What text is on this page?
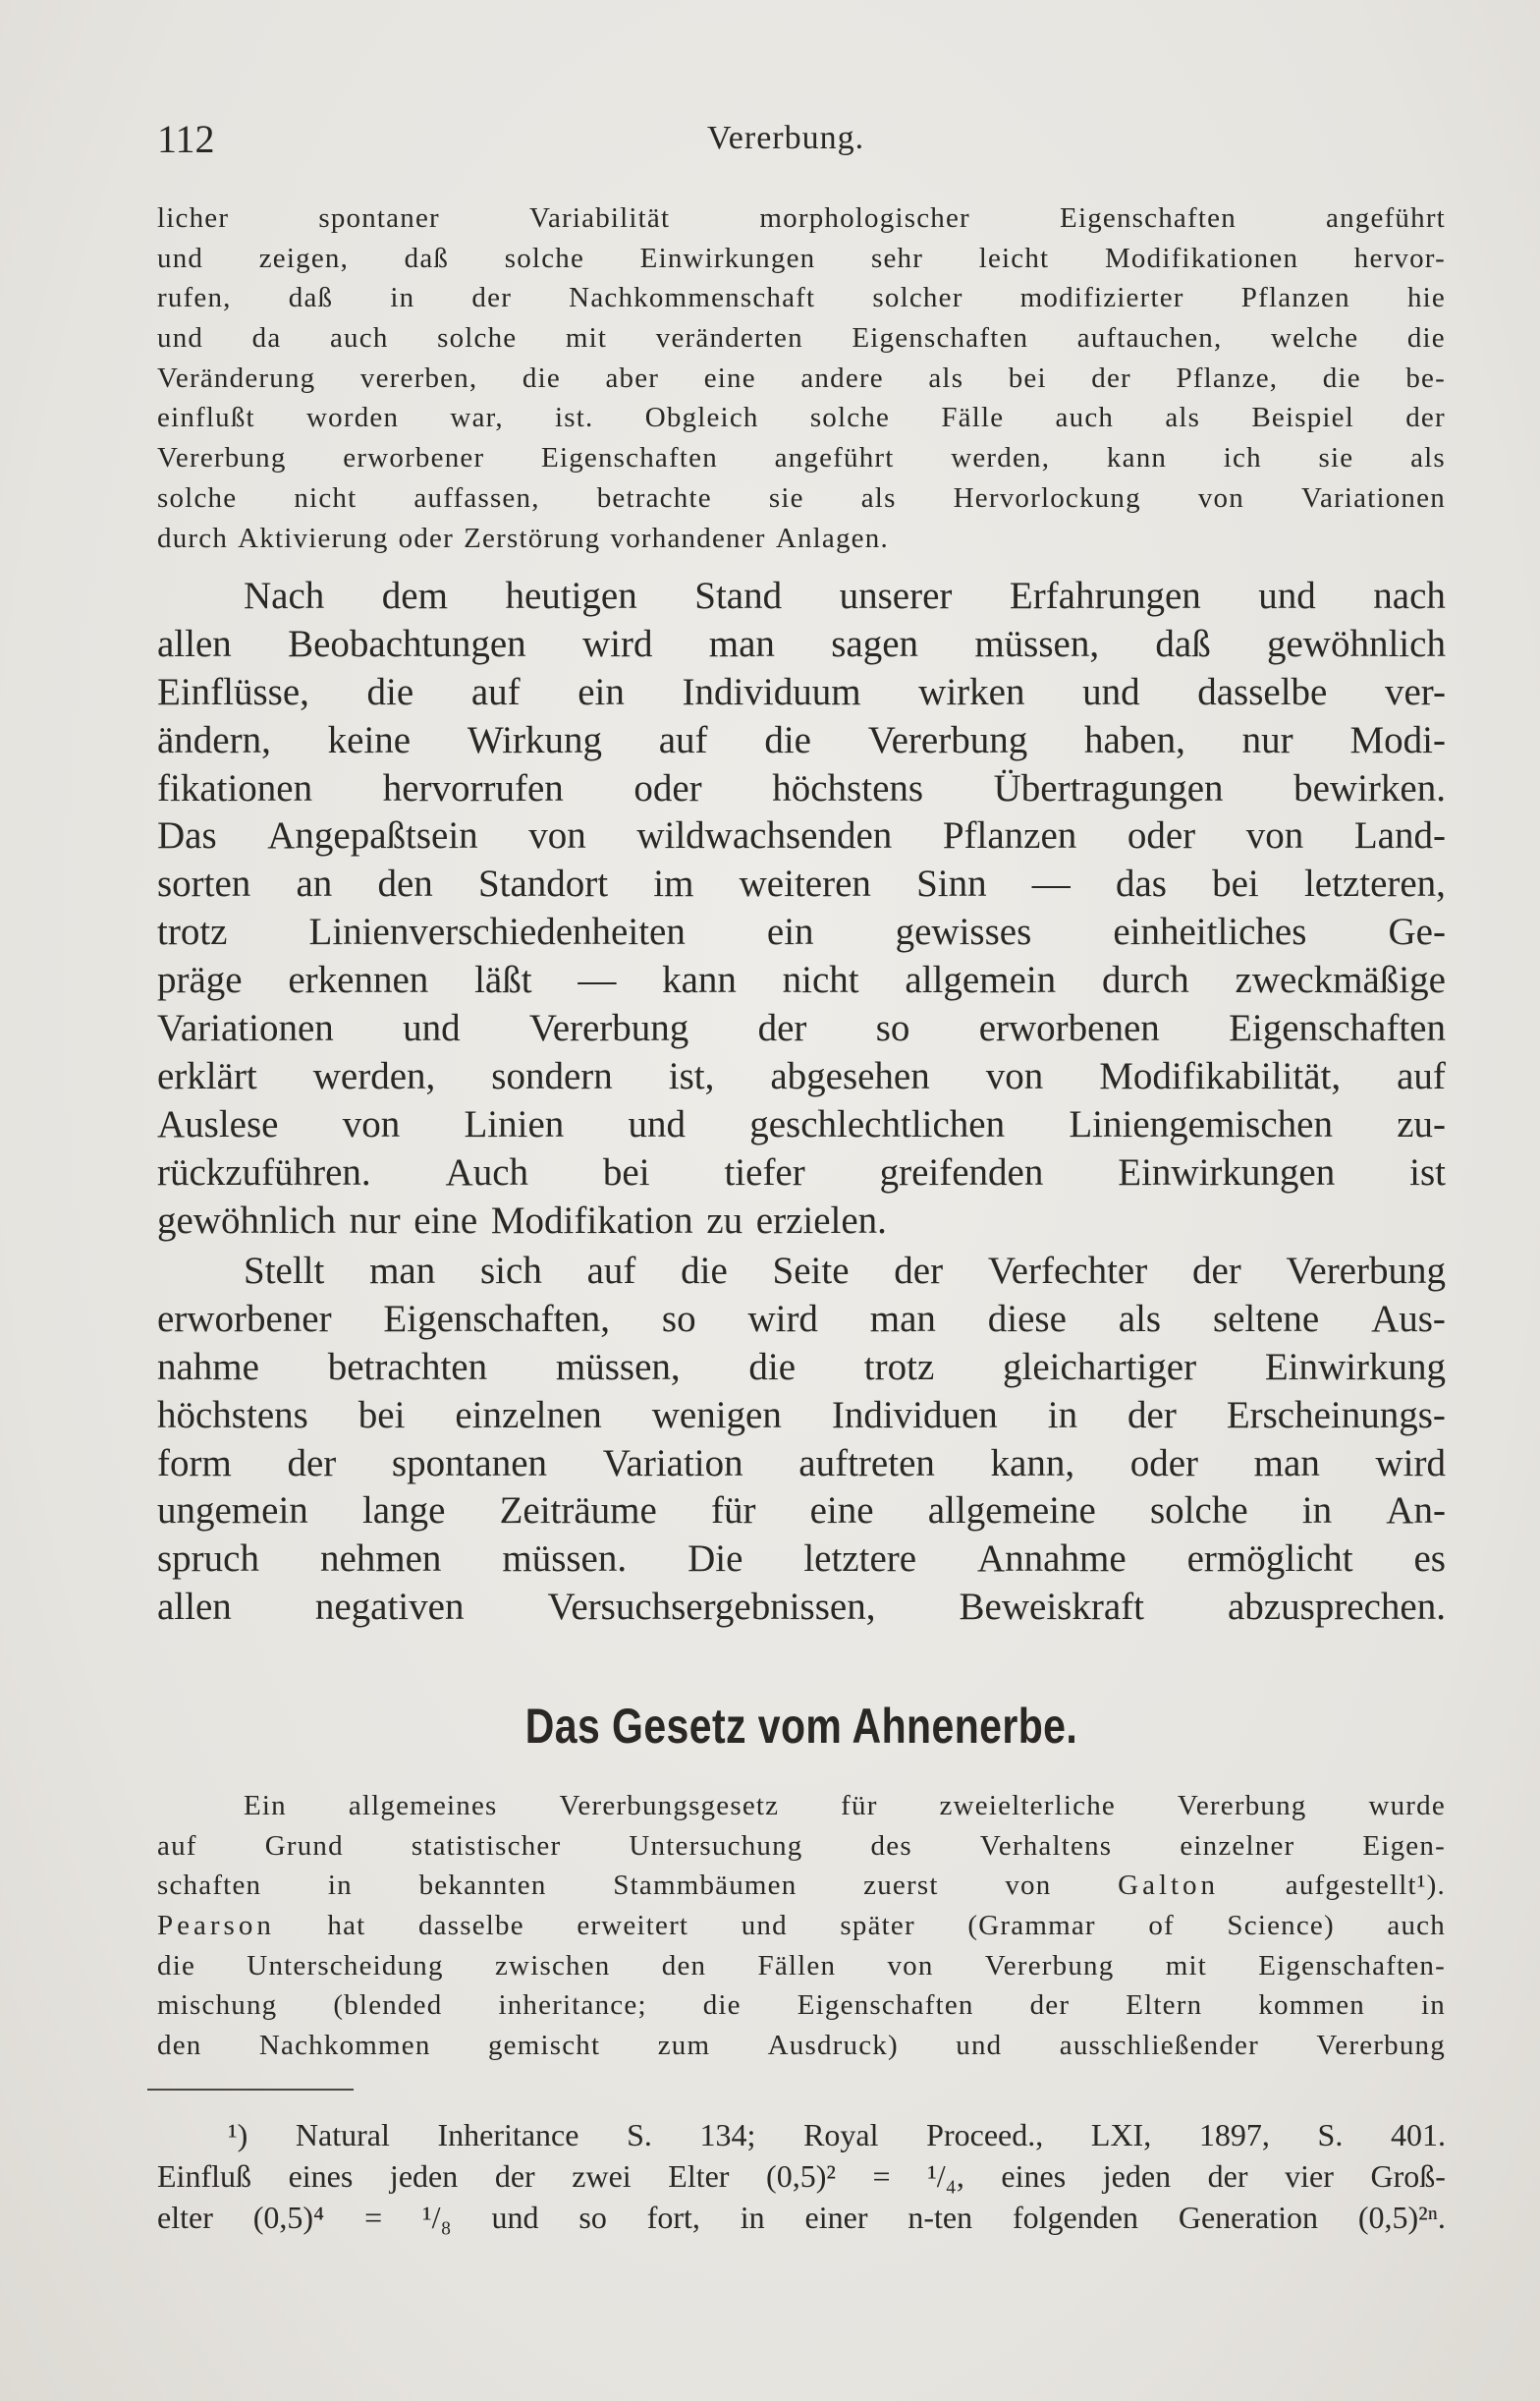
112	Vererbung.
licher	spontaner	Variabilität	morphologischer	Eigenschaften	angeführt
und zeigen, daß solche Einwirkungen sehr leicht Modifikationen hervor-
rufen, daß in der Nachkommenschaft solcher modifizierter Pflanzen hie
und da auch solche mit veränderten Eigenschaften auftauchen, welche die
Veränderung vererben, die aber eine andere als bei der Pflanze, die be-
einflußt worden war, ist. Obgleich solche Fälle auch als Beispiel der
Vererbung erworbener Eigenschaften angeführt werden, kann ich sie als
solche nicht auffassen, betrachte sie als Hervorlockung von Variationen
durch Aktivierung oder Zerstörung vorhandener Anlagen.
Nach dem heutigen Stand unserer Erfahrungen und nach
allen Beobachtungen wird man sagen müssen, daß gewöhnlich
Einflüsse, die auf ein Individuum wirken und dasselbe ver-
ändern, keine Wirkung auf die Vererbung haben, nur Modi-
fikationen hervorrufen oder höchstens Übertragungen bewirken.
Das Angepaßtsein von wildwachsenden Pflanzen oder von Land-
sorten an den Standort im weiteren Sinn — das bei letzteren,
trotz Linienverschiedenheiten ein gewisses einheitliches Ge-
präge erkennen läßt — kann nicht allgemein durch zweckmäßige
Variationen und Vererbung der so erworbenen Eigenschaften
erklärt werden, sondern ist, abgesehen von Modifikabilität, auf
Auslese von Linien und geschlechtlichen Liniengemischen zu-
rückzuführen. Auch bei tiefer greifenden Einwirkungen ist
gewöhnlich nur eine Modifikation zu erzielen.
Stellt man sich auf die Seite der Verfechter der Vererbung
erworbener Eigenschaften, so wird man diese als seltene Aus-
nahme betrachten müssen, die trotz gleichartiger Einwirkung
höchstens bei einzelnen wenigen Individuen in der Erscheinungs-
form der spontanen Variation auftreten kann, oder man wird
ungemein lange Zeiträume für eine allgemeine solche in An-
spruch nehmen müssen. Die letztere Annahme ermöglicht es
allen negativen Versuchsergebnissen, Beweiskraft abzusprechen.
Das Gesetz vom Ahnenerbe.
Ein allgemeines Vererbungsgesetz für zweielterliche Vererbung wurde
auf Grund statistischer Untersuchung des Verhaltens einzelner Eigen-
schaften in bekannten Stammbäumen zuerst von Galton aufgestellt¹).
Pearson hat dasselbe erweitert und später (Grammar of Science) auch
die Unterscheidung zwischen den Fällen von Vererbung mit Eigenschaften-
mischung (blended inheritance; die Eigenschaften der Eltern kommen in
den Nachkommen gemischt zum Ausdruck) und ausschließender Vererbung
¹) Natural Inheritance S. 134; Royal Proceed., LXI, 1897, S. 401.
Einfluß eines jeden der zwei Elter (0,5)² = ¹/₄, eines jeden der vier Groß-
elter (0,5)⁴ = ¹/₈ und so fort, in einer n-ten folgenden Generation (0,5)²ⁿ.
